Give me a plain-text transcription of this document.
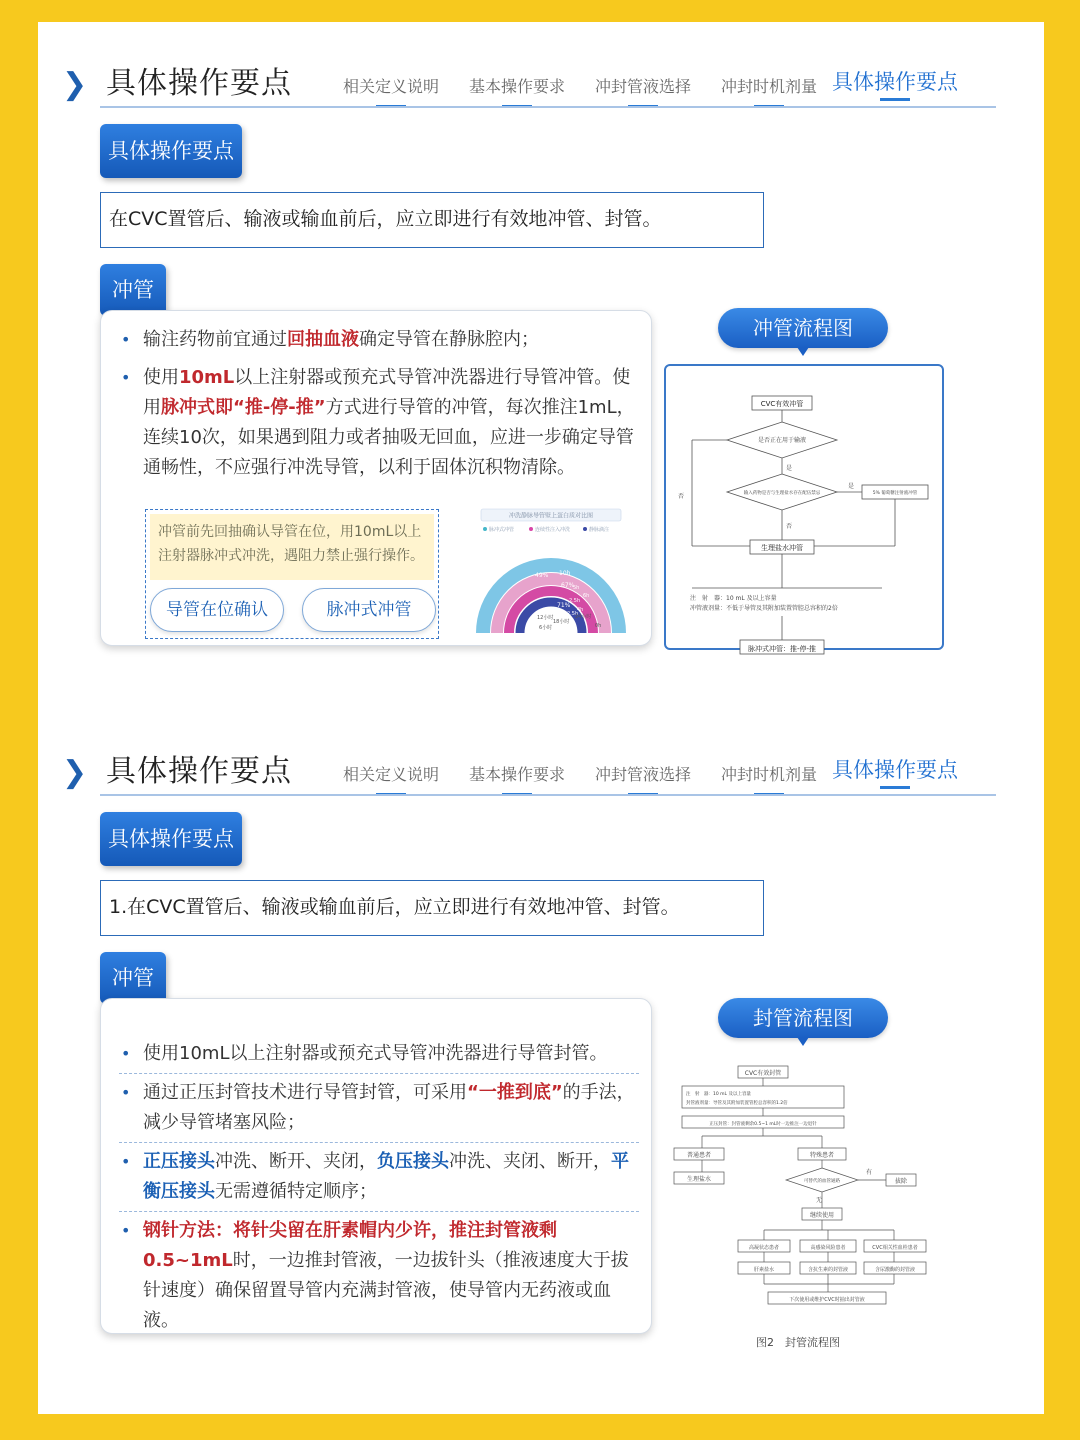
❯ 具体操作要点	相关定义说明	基本操作要求	冲封管液选择	冲封时机剂量 具体操作要点
具体操作要点
在CVC置管后、输液或输血前后，应立即进行有效地冲管、封管。
冲管
• 输注药物前宜通过回抽血液确定导管在静脉腔内；
• 使用10mL以上注射器或预充式导管冲洗器进行导管冲管。使用脉冲式即“推-停-推”方式进行导管的冲管，每次推注1mL，连续10次，如果遇到阻力或者抽吸无回血，应进一步确定导管通畅性，不应强行冲洗导管，以利于固体沉积物清除。
冲管前先回抽确认导管在位，用10mL以上注射器脉冲式冲洗，遇阻力禁止强行操作。
导管在位确认	脉冲式冲管
冲洗静脉导管壁上蛋白质对比图
脉冲式冲管	连续性注入冲洗	静脉滴注
49% 10h
67%
5h
6h
2.5h
71%
4h
2.5h
12小时
18小时
24小时
6小时	0h
冲管流程图
CVC有效冲管
是否正在用于输液
输入药物是否与生理盐水存在配伍禁忌	5% 葡萄糖注射液冲管
生理盐水冲管
脉冲式冲管：推-停-推
是
否
是
否
注　射　器：10 mL 及以上容量
冲管液剂量：不低于导管及其附加装置管腔总容积的2倍
❯ 具体操作要点	相关定义说明	基本操作要求	冲封管液选择	冲封时机剂量 具体操作要点
具体操作要点
1.在CVC置管后、输液或输血前后，应立即进行有效地冲管、封管。
冲管
• 使用10mL以上注射器或预充式导管冲洗器进行导管封管。
• 通过正压封管技术进行导管封管，可采用“一推到底”的手法，减少导管堵塞风险；
• 正压接头冲洗、断开、夹闭，负压接头冲洗、夹闭、断开，平衡压接头无需遵循特定顺序；
• 钢针方法：将针尖留在肝素帽内少许，推注封管液剩0.5~1mL时，一边推封管液，一边拔针头（推液速度大于拔针速度）确保留置导管内充满封管液，使导管内无药液或血液。
封管流程图
CVC有效封管
注　射　器：10 mL 及以上容量
封管液剂量：导管及其附加装置管腔总容积的1.2倍
正压封管：封管液剩余0.5~1 mL时一边推注一边退针
普通患者	特殊患者
生理盐水	可替代的血管通路	拔除
继续使用
高凝状态患者	高感染风险患者	CVC相关性血栓患者
肝素盐水	含抗生素的封管液	含尿激酶的封管液
下次使用或维护CVC时抽出封管液
有
无
图2　封管流程图
